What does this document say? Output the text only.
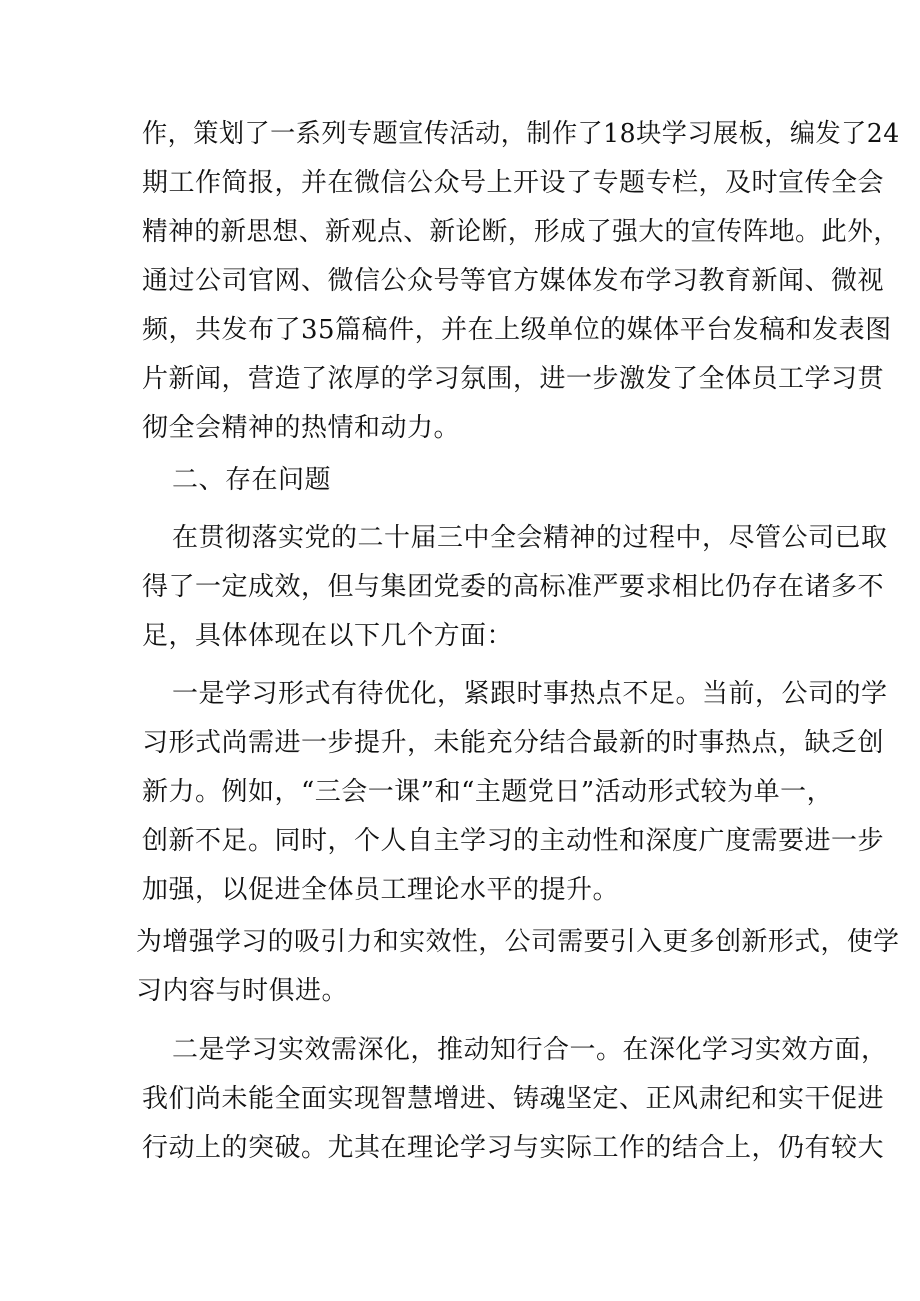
作，策划了一系列专题宣传活动，制作了18块学习展板，编发了24
期工作简报，并在微信公众号上开设了专题专栏，及时宣传全会
精神的新思想、新观点、新论断，形成了强大的宣传阵地。此外，
通过公司官网、微信公众号等官方媒体发布学习教育新闻、微视
频，共发布了35篇稿件，并在上级单位的媒体平台发稿和发表图
片新闻，营造了浓厚的学习氛围，进一步激发了全体员工学习贯
彻全会精神的热情和动力。
二、存在问题
在贯彻落实党的二十届三中全会精神的过程中，尽管公司已取
得了一定成效，但与集团党委的高标准严要求相比仍存在诸多不
足，具体体现在以下几个方面：
一是学习形式有待优化，紧跟时事热点不足。当前，公司的学
习形式尚需进一步提升，未能充分结合最新的时事热点，缺乏创
新力。例如，“三会一课”和“主题党日”活动形式较为单一，
创新不足。同时，个人自主学习的主动性和深度广度需要进一步
加强，以促进全体员工理论水平的提升。
为增强学习的吸引力和实效性，公司需要引入更多创新形式，使学
习内容与时俱进。
二是学习实效需深化，推动知行合一。在深化学习实效方面，
我们尚未能全面实现智慧增进、铸魂坚定、正风肃纪和实干促进
行动上的突破。尤其在理论学习与实际工作的结合上，仍有较大
